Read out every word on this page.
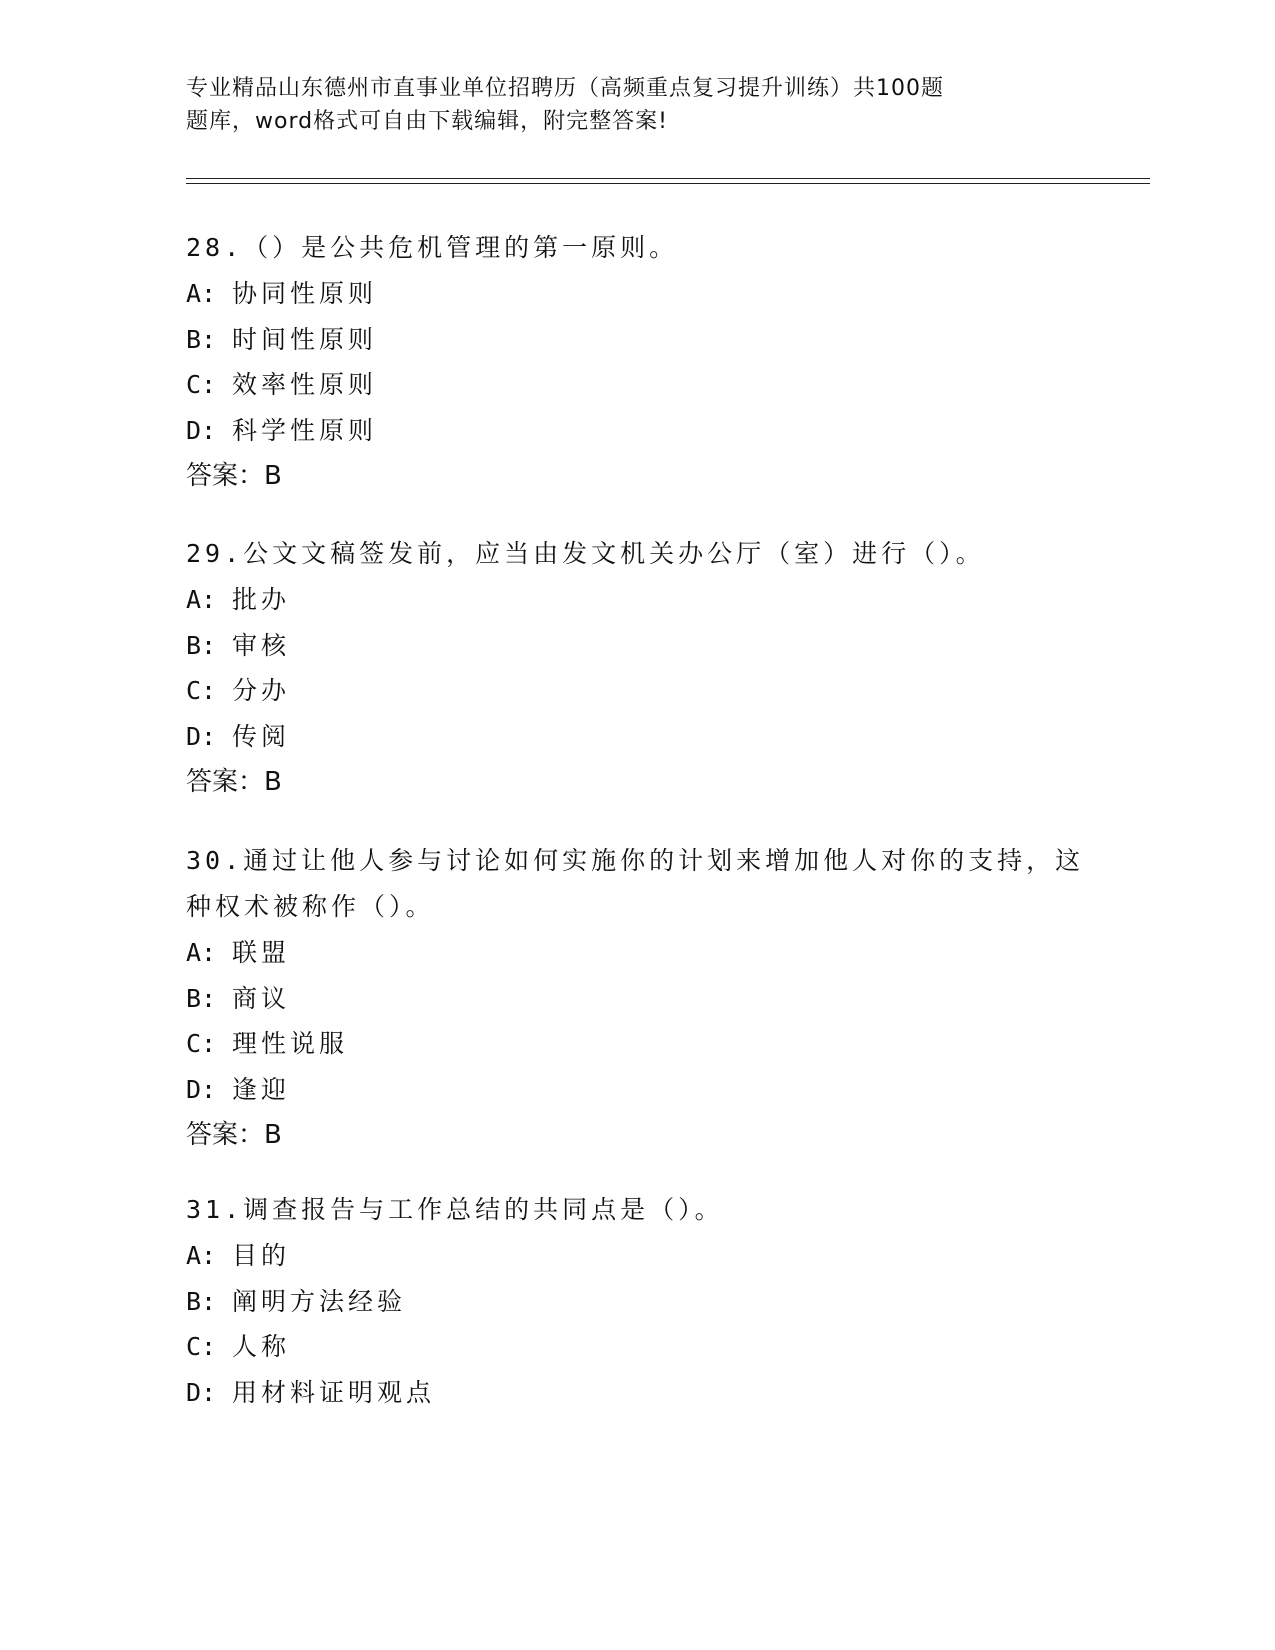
专业精品山东德州市直事业单位招聘历（高频重点复习提升训练）共100题
题库，word格式可自由下载编辑，附完整答案!
28.（）是公共危机管理的第一原则。
A: 协同性原则
B: 时间性原则
C: 效率性原则
D: 科学性原则
答案：B
29.公文文稿签发前，应当由发文机关办公厅（室）进行（）。
A: 批办
B: 审核
C: 分办
D: 传阅
答案：B
30.通过让他人参与讨论如何实施你的计划来增加他人对你的支持，这
种权术被称作（）。
A: 联盟
B: 商议
C: 理性说服
D: 逢迎
答案：B
31.调查报告与工作总结的共同点是（）。
A: 目的
B: 阐明方法经验
C: 人称
D: 用材料证明观点
